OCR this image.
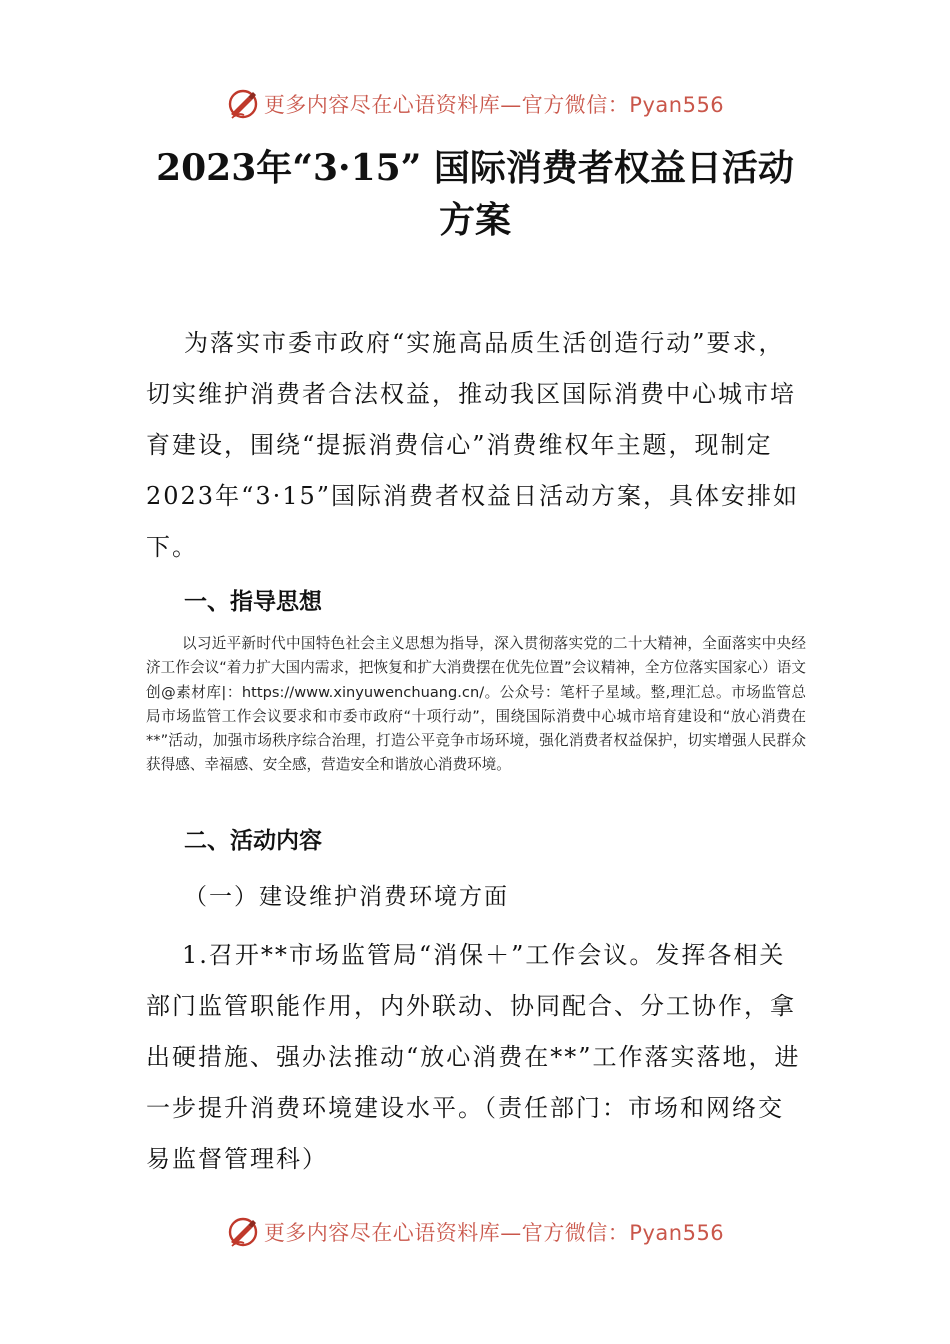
更多内容尽在心语资料库—官方微信：Pyan556
2023年“3·15” 国际消费者权益日活动
方案
为落实市委市政府“实施高品质生活创造行动”要求，切实维护消费者合法权益，推动我区国际消费中心城市培育建设，围绕“提振消费信心”消费维权年主题，现制定2023年“3·15”国际消费者权益日活动方案，具体安排如下。
一、指导思想
以习近平新时代中国特色社会主义思想为指导，深入贯彻落实党的二十大精神，全面落实中央经济工作会议“着力扩大国内需求，把恢复和扩大消费摆在优先位置”会议精神，全方位落实国家心）语文创@素材库|：https://www.xinyuwenchuang.cn/。公众号：笔杆子星域。整,理汇总。市场监管总局市场监管工作会议要求和市委市政府“十项行动”，围绕国际消费中心城市培育建设和“放心消费在**”活动，加强市场秩序综合治理，打造公平竞争市场环境，强化消费者权益保护，切实增强人民群众获得感、幸福感、安全感，营造安全和谐放心消费环境。
二、活动内容
（一）建设维护消费环境方面
1.召开**市场监管局“消保＋”工作会议。发挥各相关部门监管职能作用，内外联动、协同配合、分工协作，拿出硬措施、强办法推动“放心消费在**”工作落实落地，进一步提升消费环境建设水平。（责任部门：市场和网络交易监督管理科）
更多内容尽在心语资料库—官方微信：Pyan556
